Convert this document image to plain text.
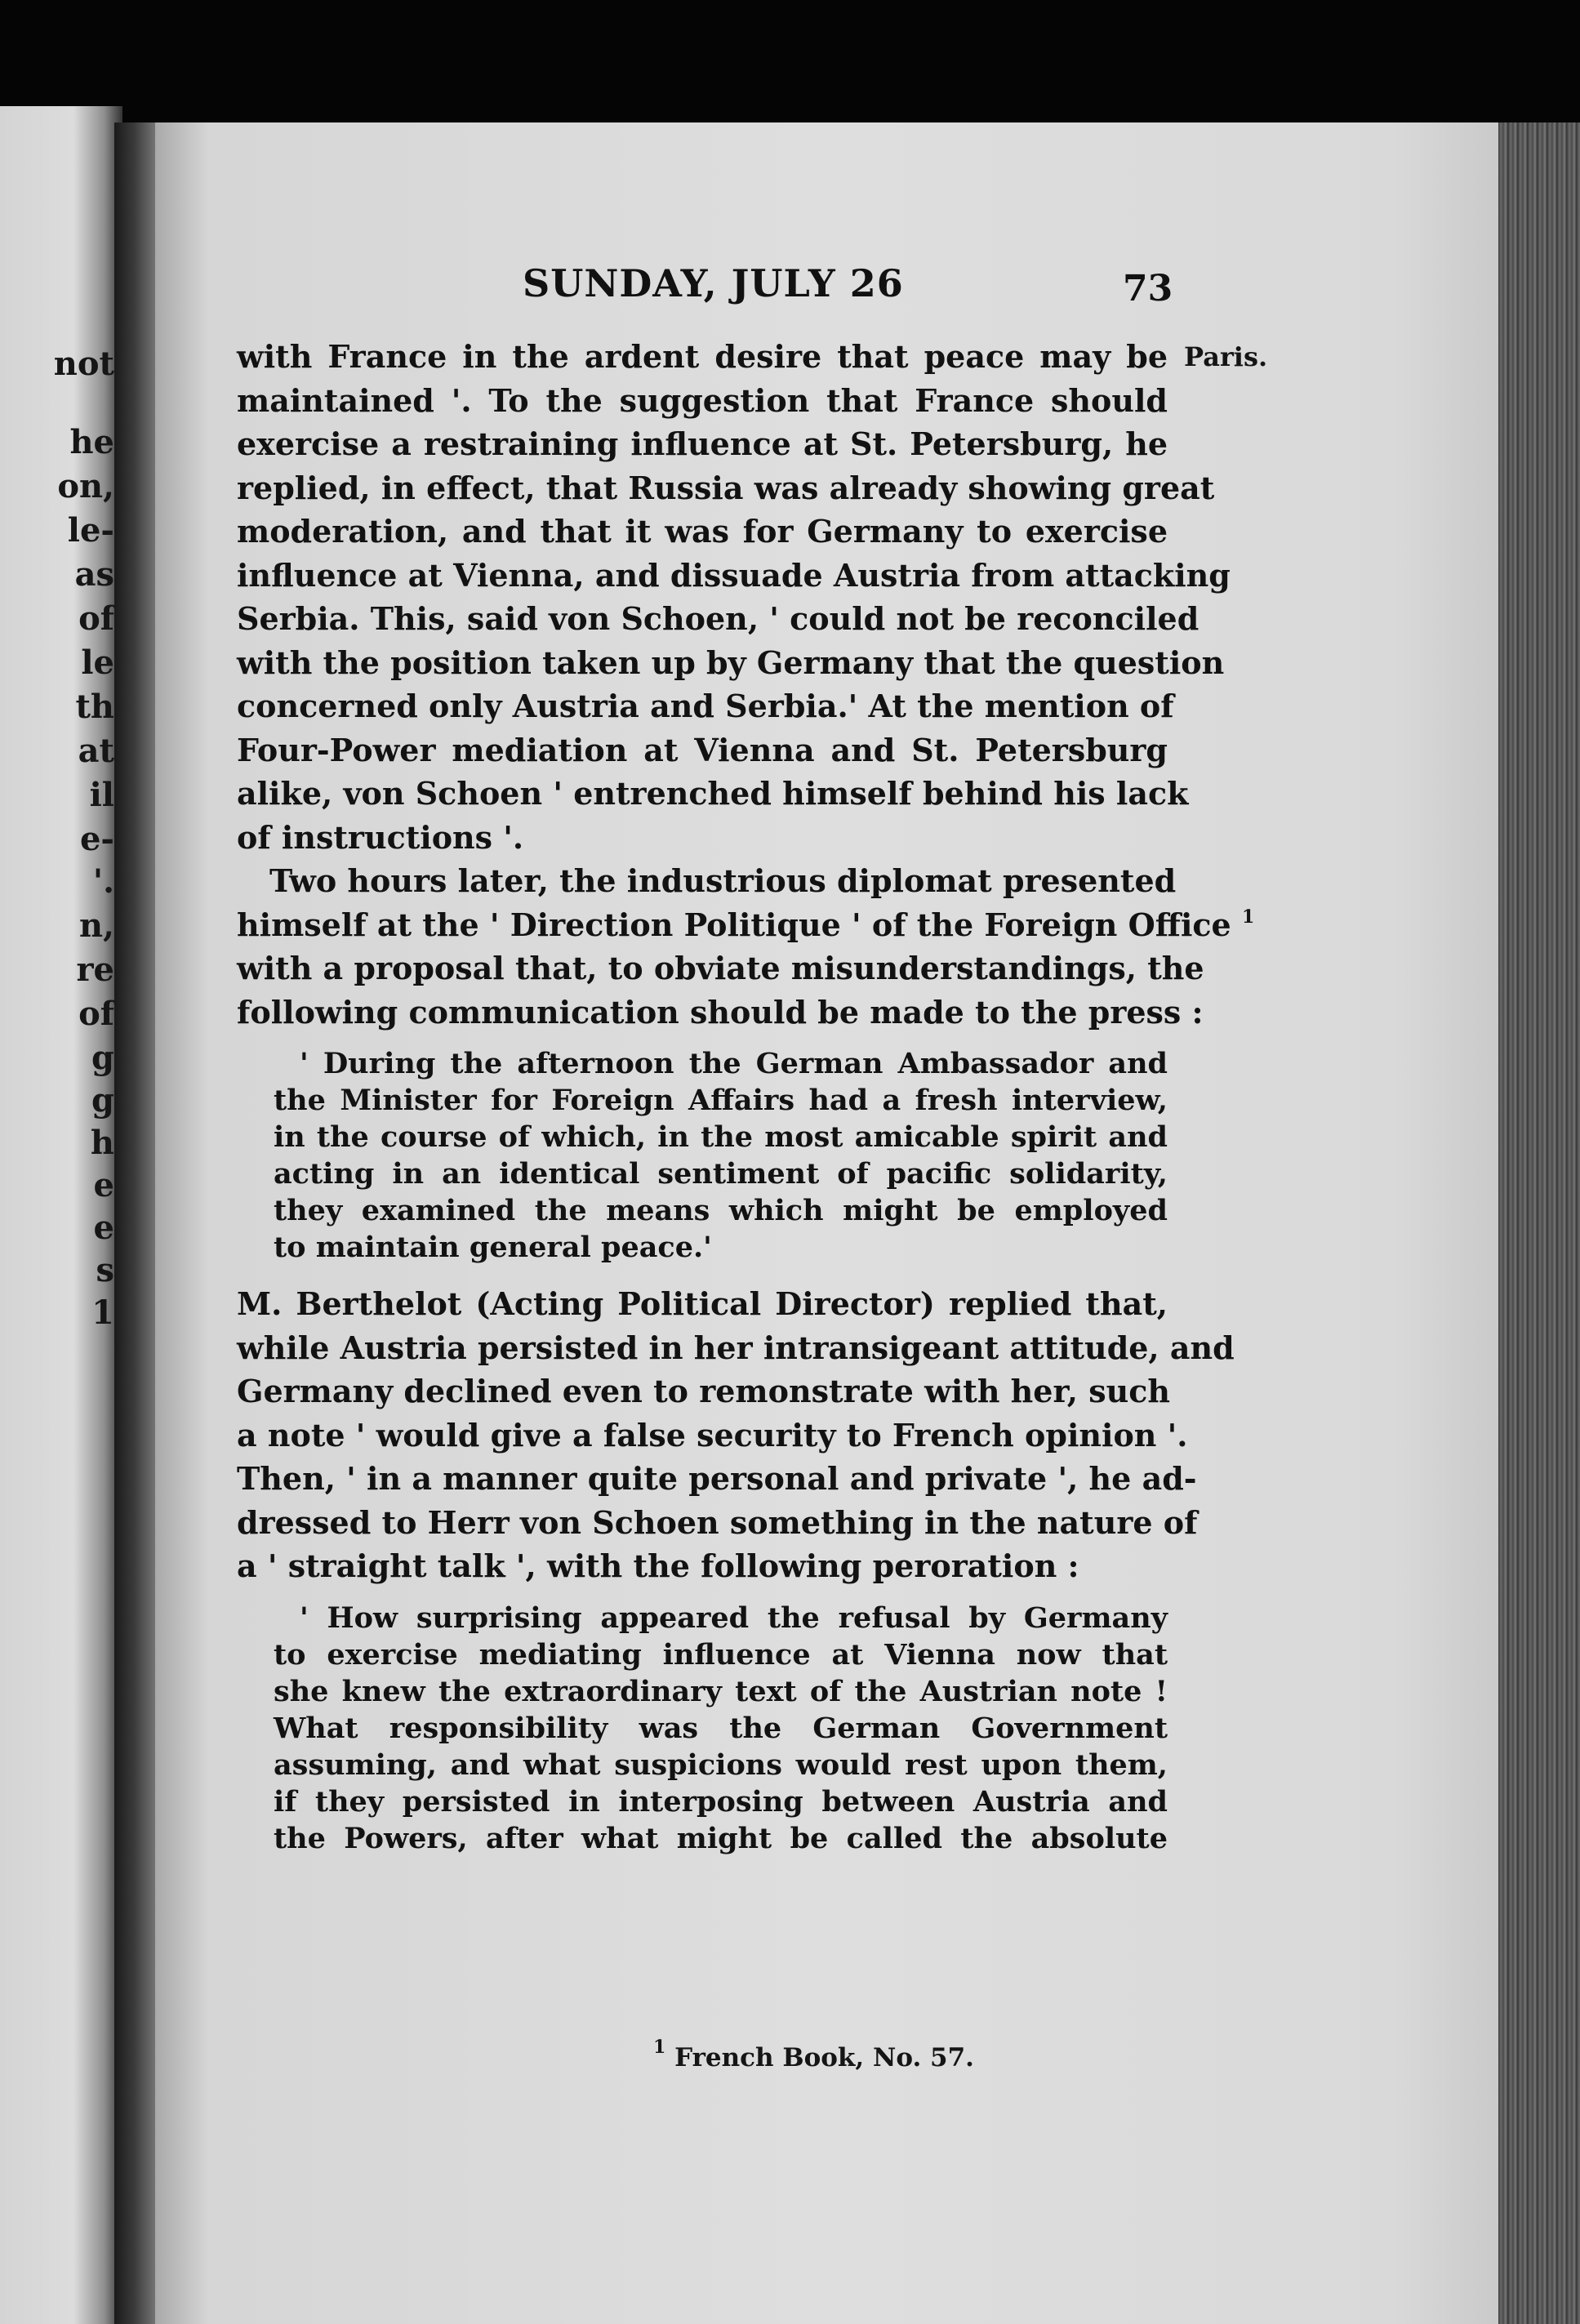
not
he
on,
le-
as
of
le
th
at
il
e-
'.
n,
re
of
g
g
h
e
e
s
1
SUNDAY, JULY 26	73
Paris.
with France in the ardent desire that peace may be
maintained '. To the suggestion that France should
exercise a restraining influence at St. Petersburg, he
replied, in effect, that Russia was already showing great
moderation, and that it was for Germany to exercise
influence at Vienna, and dissuade Austria from attacking
Serbia. This, said von Schoen, ' could not be reconciled
with the position taken up by Germany that the question
concerned only Austria and Serbia.' At the mention of
Four-Power mediation at Vienna and St. Petersburg
alike, von Schoen ' entrenched himself behind his lack
of instructions '.
Two hours later, the industrious diplomat presented
himself at the ' Direction Politique ' of the Foreign Office $^1$
with a proposal that, to obviate misunderstandings, the
following communication should be made to the press :
' During the afternoon the German Ambassador and
the Minister for Foreign Affairs had a fresh interview,
in the course of which, in the most amicable spirit and
acting in an identical sentiment of pacific solidarity,
they examined the means which might be employed
to maintain general peace.'
M. Berthelot (Acting Political Director) replied that,
while Austria persisted in her intransigeant attitude, and
Germany declined even to remonstrate with her, such
a note ' would give a false security to French opinion '.
Then, ' in a manner quite personal and private ', he ad-
dressed to Herr von Schoen something in the nature of
a ' straight talk ', with the following peroration :
' How surprising appeared the refusal by Germany
to exercise mediating influence at Vienna now that
she knew the extraordinary text of the Austrian note !
What responsibility was the German Government
assuming, and what suspicions would rest upon them,
if they persisted in interposing between Austria and
the Powers, after what might be called the absolute
$^1$ French Book, No. 57.
